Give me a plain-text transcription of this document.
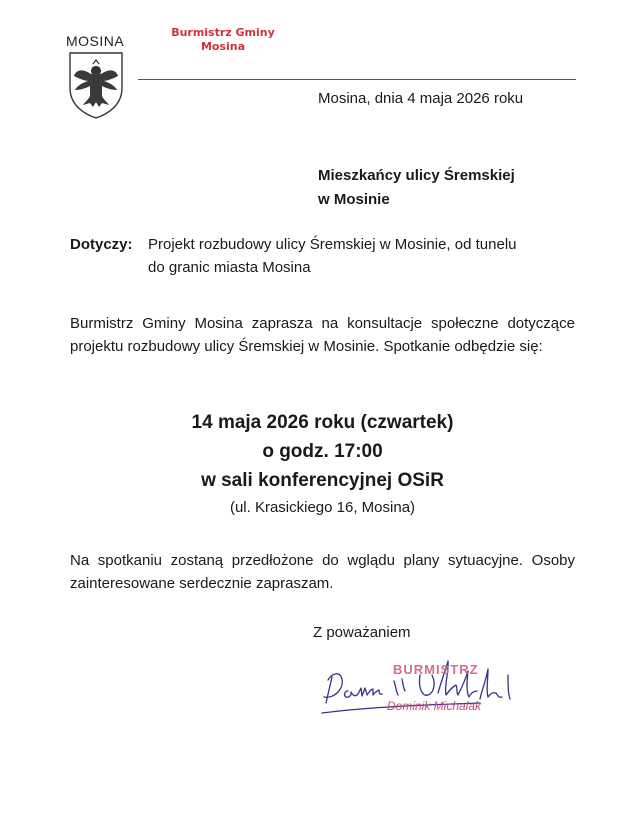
MOSINA
Burmistrz Gminy
Mosina
Mosina, dnia 4 maja 2026 roku
Mieszkańcy ulicy Śremskiej
w Mosinie
Dotyczy: Projekt rozbudowy ulicy Śremskiej w Mosinie, od tunelu
do granic miasta Mosina
Burmistrz Gminy Mosina zaprasza na konsultacje społeczne dotyczące projektu rozbudowy ulicy Śremskiej w Mosinie. Spotkanie odbędzie się:
14 maja 2026 roku (czwartek)
o godz. 17:00
w sali konferencyjnej OSiR
(ul. Krasickiego 16, Mosina)
Na spotkaniu zostaną przedłożone do wglądu plany sytuacyjne. Osoby zainteresowane serdecznie zapraszam.
Z poważaniem
BURMISTRZ
Dominik Michalak
